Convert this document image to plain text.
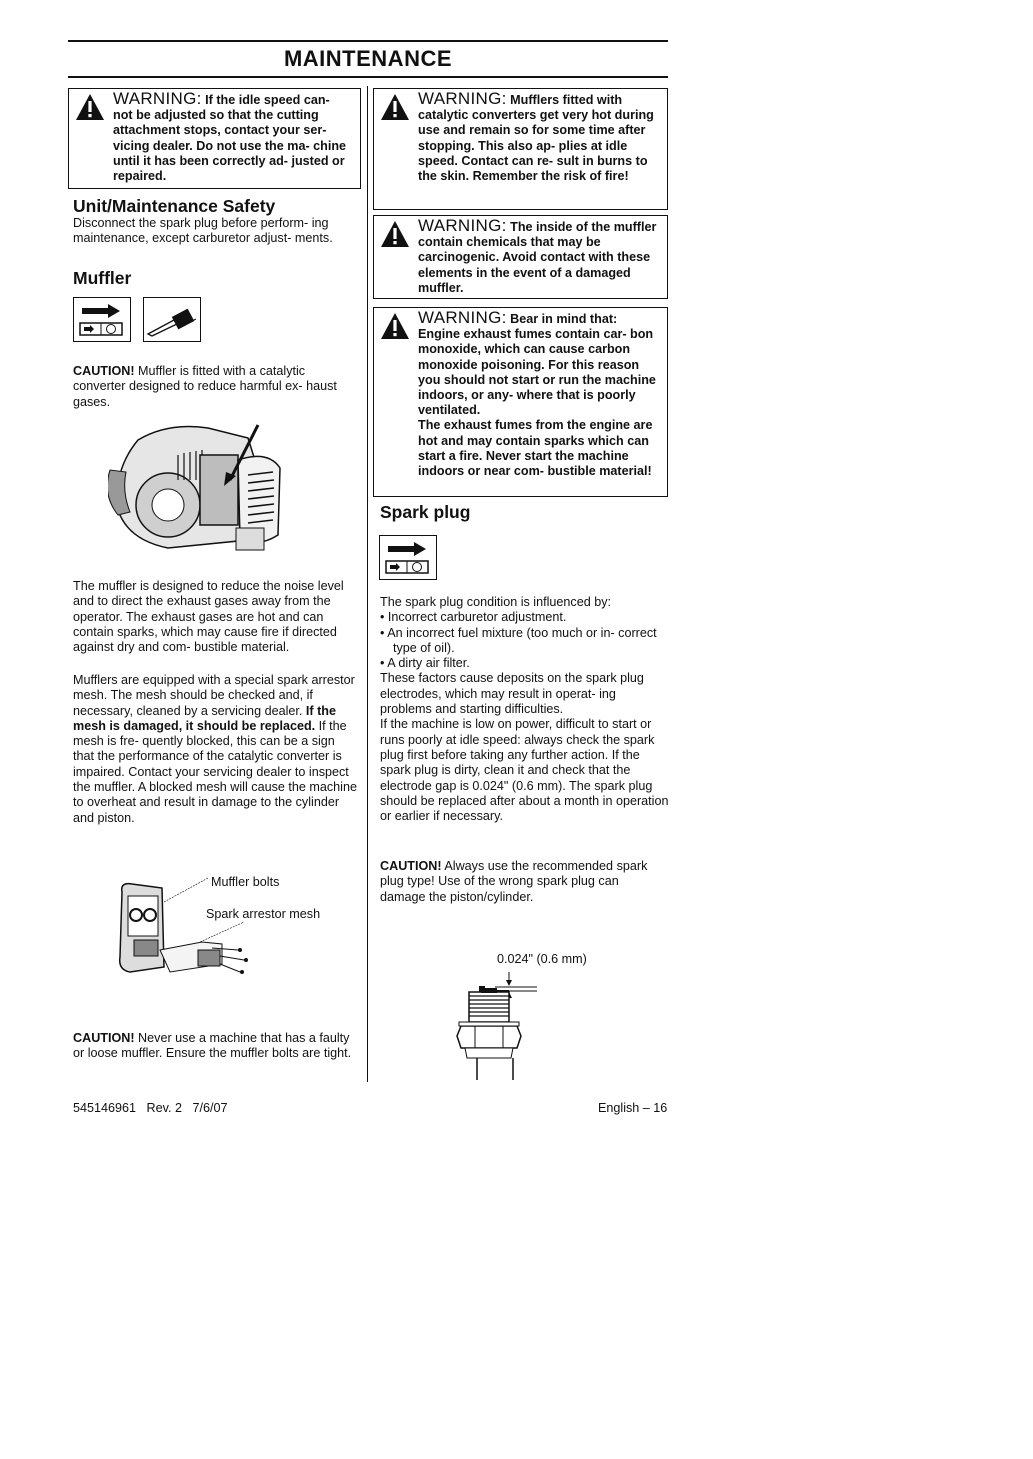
MAINTENANCE
WARNING: If the idle speed can- not be adjusted so that the cutting attachment stops, contact your ser- vicing dealer. Do not use the ma- chine until it has been correctly ad- justed or repaired.
Unit/Maintenance Safety
Disconnect the spark plug before perform- ing maintenance, except carburetor adjust- ments.
Muffler
CAUTION! Muffler is fitted with a catalytic converter designed to reduce harmful ex- haust gases.
The muffler is designed to reduce the noise level and to direct the exhaust gases away from the operator. The exhaust gases are hot and can contain sparks, which may cause fire if directed against dry and com- bustible material.
Mufflers are equipped with a special spark arrestor mesh. The mesh should be checked and, if necessary, cleaned by a servicing dealer. If the mesh is damaged, it should be replaced. If the mesh is fre- quently blocked, this can be a sign that the performance of the catalytic converter is impaired. Contact your servicing dealer to inspect the muffler. A blocked mesh will cause the machine to overheat and result in damage to the cylinder and piston.
Muffler bolts
Spark arrestor mesh
CAUTION! Never use a machine that has a faulty or loose muffler. Ensure the muffler bolts are tight.
WARNING: Mufflers fitted with catalytic converters get very hot during use and remain so for some time after stopping. This also ap- plies at idle speed. Contact can re- sult in burns to the skin. Remember the risk of fire!
WARNING: The inside of the muffler contain chemicals that may be carcinogenic. Avoid contact with these elements in the event of a damaged muffler.
WARNING: Bear in mind that: Engine exhaust fumes contain car- bon monoxide, which can cause carbon monoxide poisoning. For this reason you should not start or run the machine indoors, or any- where that is poorly ventilated.
The exhaust fumes from the engine are hot and may contain sparks which can start a fire. Never start the machine indoors or near com- bustible material!
Spark plug

The spark plug condition is influenced by:

• Incorrect carburetor adjustment.

• An incorrect fuel mixture (too much or in- correct type of oil).

• A dirty air filter.

These factors cause deposits on the spark plug electrodes, which may result in operat- ing problems and starting difficulties.

If the machine is low on power, difficult to start or runs poorly at idle speed: always check the spark plug first before taking any further action. If the spark plug is dirty, clean it and check that the electrode gap is 0.024" (0.6 mm). The spark plug should be replaced after about a month in operation or earlier if necessary.

CAUTION! Always use the recommended spark plug type! Use of the wrong spark plug can damage the piston/cylinder.
0.024" (0.6 mm)
545146961   Rev. 2   7/6/07	English – 16
